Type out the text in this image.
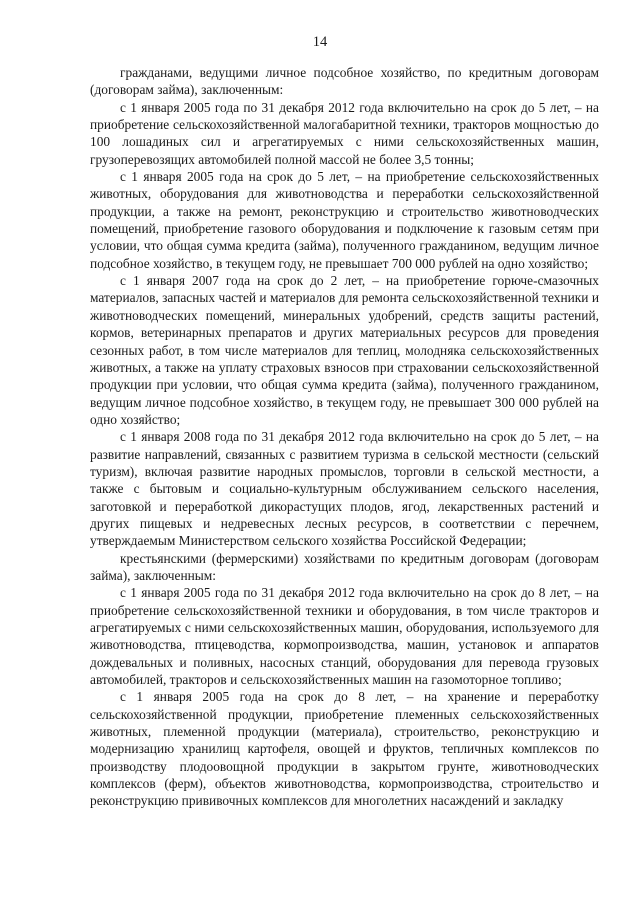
14

гражданами, ведущими личное подсобное хозяйство, по кредитным договорам (договорам займа), заключенным:

с 1 января 2005 года по 31 декабря 2012 года включительно на срок до 5 лет, – на приобретение сельскохозяйственной малогабаритной техники, тракторов мощностью до 100 лошадиных сил и агрегатируемых с ними сельскохозяйственных машин, грузоперевозящих автомобилей полной массой не более 3,5 тонны;

с 1 января 2005 года на срок до 5 лет, – на приобретение сельскохозяйственных животных, оборудования для животноводства и переработки сельскохозяйственной продукции, а также на ремонт, реконструкцию и строительство животноводческих помещений, приобретение газового оборудования и подключение к газовым сетям при условии, что общая сумма кредита (займа), полученного гражданином, ведущим личное подсобное хозяйство, в текущем году, не превышает 700 000 рублей на одно хозяйство;

с 1 января 2007 года на срок до 2 лет, – на приобретение горюче-смазочных материалов, запасных частей и материалов для ремонта сельскохозяйственной техники и животноводческих помещений, минеральных удобрений, средств защиты растений, кормов, ветеринарных препаратов и других материальных ресурсов для проведения сезонных работ, в том числе материалов для теплиц, молодняка сельскохозяйственных животных, а также на уплату страховых взносов при страховании сельскохозяйственной продукции при условии, что общая сумма кредита (займа), полученного гражданином, ведущим личное подсобное хозяйство, в текущем году, не превышает 300 000 рублей на одно хозяйство;

с 1 января 2008 года по 31 декабря 2012 года включительно на срок до 5 лет, – на развитие направлений, связанных с развитием туризма в сельской местности (сельский туризм), включая развитие народных промыслов, торговли в сельской местности, а также с бытовым и социально-культурным обслуживанием сельского населения, заготовкой и переработкой дикорастущих плодов, ягод, лекарственных растений и других пищевых и недревесных лесных ресурсов, в соответствии с перечнем, утверждаемым Министерством сельского хозяйства Российской Федерации;

крестьянскими (фермерскими) хозяйствами по кредитным договорам (договорам займа), заключенным:

с 1 января 2005 года по 31 декабря 2012 года включительно на срок до 8 лет, – на приобретение сельскохозяйственной техники и оборудования, в том числе тракторов и агрегатируемых с ними сельскохозяйственных машин, оборудования, используемого для животноводства, птицеводства, кормопроизводства, машин, установок и аппаратов дождевальных и поливных, насосных станций, оборудования для перевода грузовых автомобилей, тракторов и сельскохозяйственных машин на газомоторное топливо;

с 1 января 2005 года на срок до 8 лет, – на хранение и переработку сельскохозяйственной продукции, приобретение племенных сельскохозяйственных животных, племенной продукции (материала), строительство, реконструкцию и модернизацию хранилищ картофеля, овощей и фруктов, тепличных комплексов по производству плодоовощной продукции в закрытом грунте, животноводческих комплексов (ферм), объектов животноводства, кормопроизводства, строительство и реконструкцию прививочных комплексов для многолетних насаждений и закладку
